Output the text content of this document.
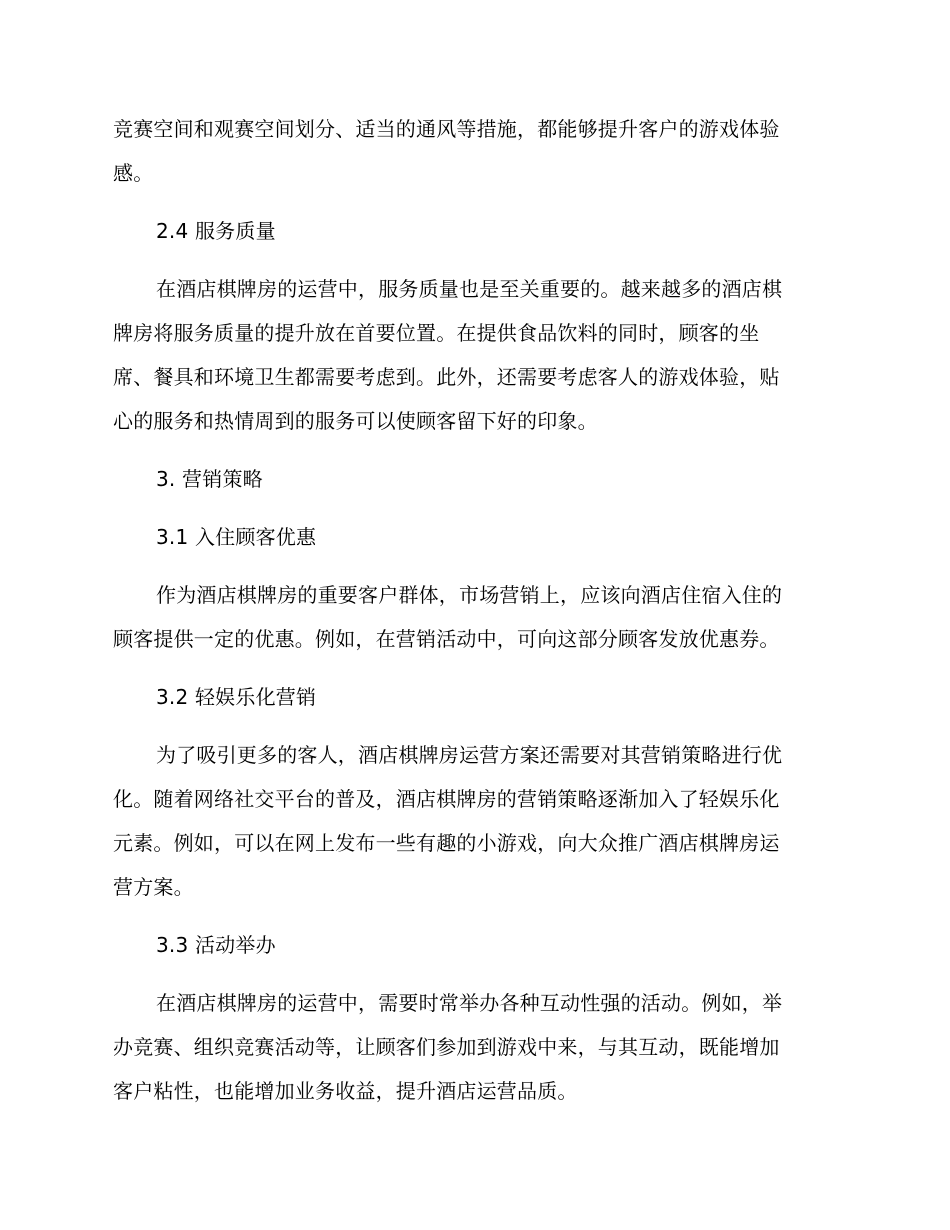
竞赛空间和观赛空间划分、适当的通风等措施，都能够提升客户的游戏体验
感。
2.4 服务质量
在酒店棋牌房的运营中，服务质量也是至关重要的。越来越多的酒店棋
牌房将服务质量的提升放在首要位置。在提供食品饮料的同时，顾客的坐
席、餐具和环境卫生都需要考虑到。此外，还需要考虑客人的游戏体验，贴
心的服务和热情周到的服务可以使顾客留下好的印象。
3. 营销策略
3.1 入住顾客优惠
作为酒店棋牌房的重要客户群体，市场营销上，应该向酒店住宿入住的
顾客提供一定的优惠。例如，在营销活动中，可向这部分顾客发放优惠券。
3.2 轻娱乐化营销
为了吸引更多的客人，酒店棋牌房运营方案还需要对其营销策略进行优
化。随着网络社交平台的普及，酒店棋牌房的营销策略逐渐加入了轻娱乐化
元素。例如，可以在网上发布一些有趣的小游戏，向大众推广酒店棋牌房运
营方案。
3.3 活动举办
在酒店棋牌房的运营中，需要时常举办各种互动性强的活动。例如，举
办竞赛、组织竞赛活动等，让顾客们参加到游戏中来，与其互动，既能增加
客户粘性，也能增加业务收益，提升酒店运营品质。
